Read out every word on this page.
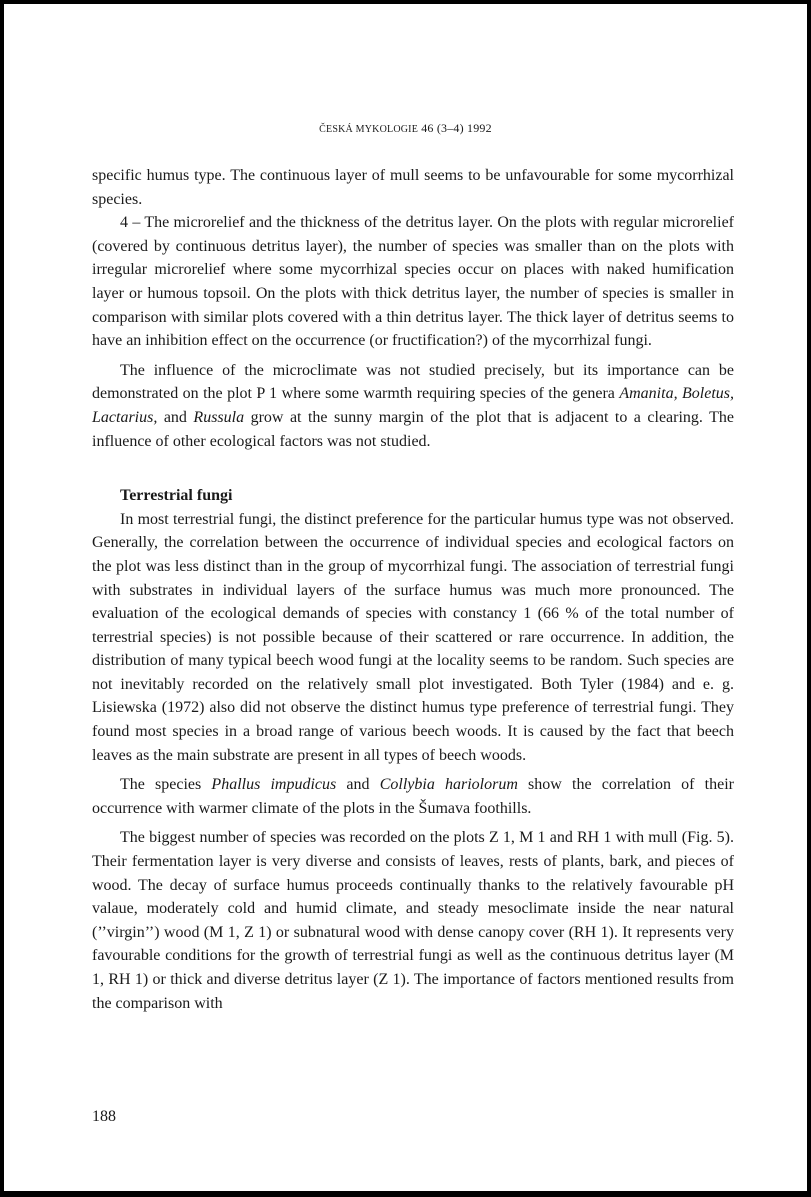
ČESKÁ MYKOLOGIE 46 (3–4) 1992

specific humus type. The continuous layer of mull seems to be unfavourable for some mycorrhizal species.

4 – The microrelief and the thickness of the detritus layer. On the plots with regular microrelief (covered by continuous detritus layer), the number of species was smaller than on the plots with irregular microrelief where some mycorrhizal species occur on places with naked humification layer or humous topsoil. On the plots with thick detritus layer, the number of species is smaller in comparison with similar plots covered with a thin detritus layer. The thick layer of detritus seems to have an inhibition effect on the occurrence (or fructification?) of the mycorrhizal fungi.

The influence of the microclimate was not studied precisely, but its importance can be demonstrated on the plot P 1 where some warmth requiring species of the genera Amanita, Boletus, Lactarius, and Russula grow at the sunny margin of the plot that is adjacent to a clearing. The influence of other ecological factors was not studied.

Terrestrial fungi

In most terrestrial fungi, the distinct preference for the particular humus type was not observed. Generally, the correlation between the occurrence of individual species and ecological factors on the plot was less distinct than in the group of mycorrhizal fungi. The association of terrestrial fungi with substrates in individual layers of the surface humus was much more pronounced. The evaluation of the ecological demands of species with constancy 1 (66 % of the total number of terrestrial species) is not possible because of their scattered or rare occurrence. In addition, the distribution of many typical beech wood fungi at the locality seems to be random. Such species are not inevitably recorded on the relatively small plot investigated. Both Tyler (1984) and e. g. Lisiewska (1972) also did not observe the distinct humus type preference of terrestrial fungi. They found most species in a broad range of various beech woods. It is caused by the fact that beech leaves as the main substrate are present in all types of beech woods.

The species Phallus impudicus and Collybia hariolorum show the correlation of their occurrence with warmer climate of the plots in the Šumava foothills.

The biggest number of species was recorded on the plots Z 1, M 1 and RH 1 with mull (Fig. 5). Their fermentation layer is very diverse and consists of leaves, rests of plants, bark, and pieces of wood. The decay of surface humus proceeds continually thanks to the relatively favourable pH valaue, moderately cold and humid climate, and steady mesoclimate inside the near natural (’’virgin’’) wood (M 1, Z 1) or subnatural wood with dense canopy cover (RH 1). It represents very favourable conditions for the growth of terrestrial fungi as well as the continuous detritus layer (M 1, RH 1) or thick and diverse detritus layer (Z 1). The importance of factors mentioned results from the comparison with

188
